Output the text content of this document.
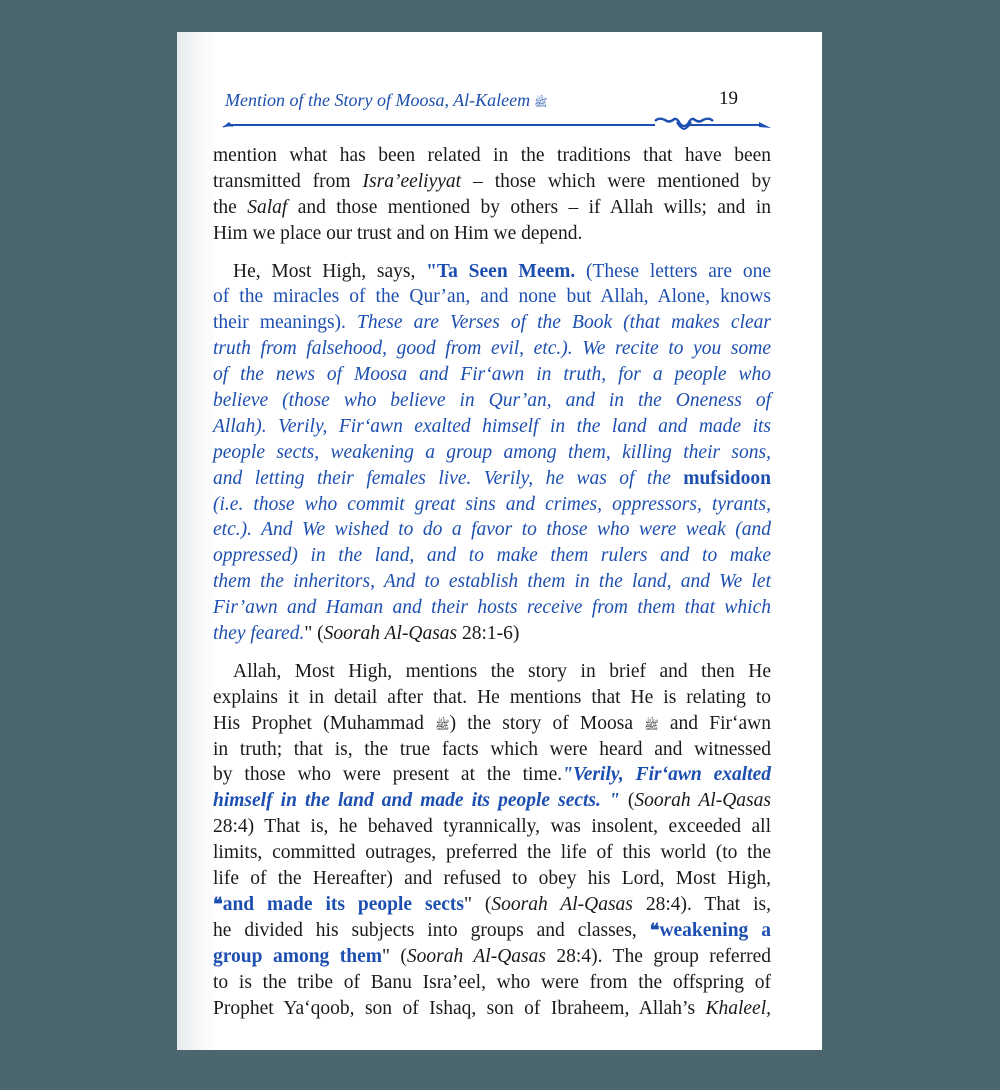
Mention of the Story of Moosa, Al-Kaleem ﷺ	19
mention what has been related in the traditions that have been
transmitted from Isra’eeliyyat – those which were mentioned by
the Salaf and those mentioned by others – if Allah wills; and in
Him we place our trust and on Him we depend.
He, Most High, says, "Ta Seen Meem. (These letters are one
of the miracles of the Qur’an, and none but Allah, Alone, knows
their meanings). These are Verses of the Book (that makes clear
truth from falsehood, good from evil, etc.). We recite to you some
of the news of Moosa and Fir‘awn in truth, for a people who
believe (those who believe in Qur’an, and in the Oneness of
Allah). Verily, Fir‘awn exalted himself in the land and made its
people sects, weakening a group among them, killing their sons,
and letting their females live. Verily, he was of the mufsidoon
(i.e. those who commit great sins and crimes, oppressors, tyrants,
etc.). And We wished to do a favor to those who were weak (and
oppressed) in the land, and to make them rulers and to make
them the inheritors, And to establish them in the land, and We let
Fir’awn and Haman and their hosts receive from them that which
they feared." (Soorah Al-Qasas 28:1-6)
Allah, Most High, mentions the story in brief and then He
explains it in detail after that. He mentions that He is relating to
His Prophet (Muhammad ﷺ) the story of Moosa ﷺ and Fir‘awn
in truth; that is, the true facts which were heard and witnessed
by those who were present at the time."Verily, Fir‘awn exalted
himself in the land and made its people sects. " (Soorah Al-Qasas
28:4) That is, he behaved tyrannically, was insolent, exceeded all
limits, committed outrages, preferred the life of this world (to the
life of the Hereafter) and refused to obey his Lord, Most High,
❝and made its people sects" (Soorah Al-Qasas 28:4). That is,
he divided his subjects into groups and classes, ❝weakening a
group among them" (Soorah Al-Qasas 28:4). The group referred
to is the tribe of Banu Isra’eel, who were from the offspring of
Prophet Ya‘qoob, son of Ishaq, son of Ibraheem, Allah’s Khaleel,
